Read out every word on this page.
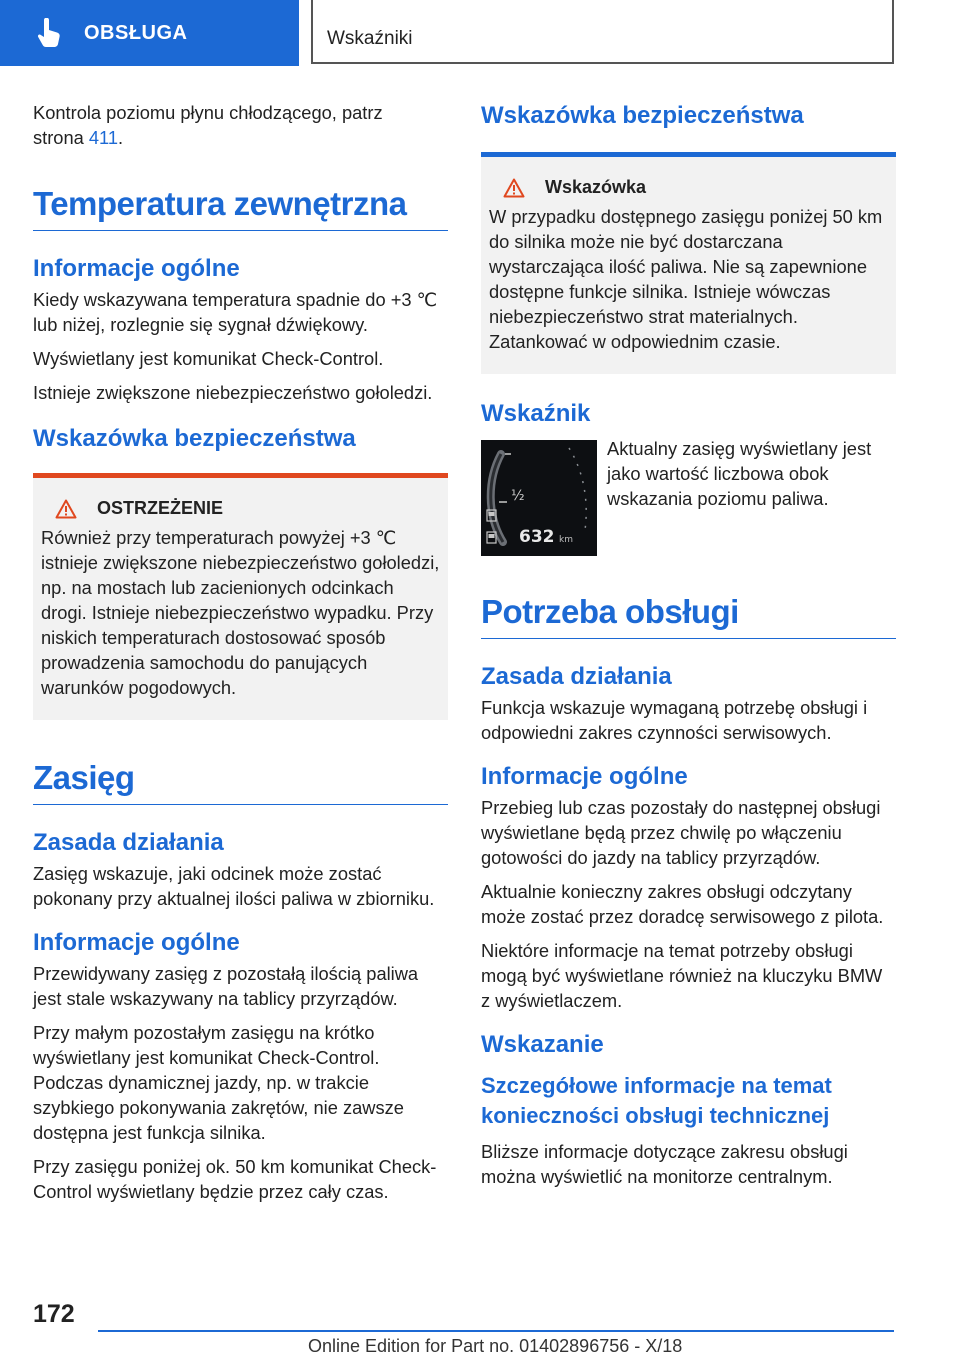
OBSŁUGA	Wskaźniki

Kontrola poziomu płynu chłodzącego, patrz strona 411.

Temperatura zewnętrzna
Informacje ogólne

Kiedy wskazywana temperatura spadnie do +3 ℃ lub niżej, rozlegnie się sygnał dźwiękowy.

Wyświetlany jest komunikat Check-Control.

Istnieje zwiększone niebezpieczeństwo gołoledzi.

Wskazówka bezpieczeństwa
OSTRZEŻENIE

Również przy temperaturach powyżej +3 ℃ istnieje zwiększone niebezpieczeństwo gołoledzi, np. na mostach lub zacienionych odcinkach drogi. Istnieje niebezpieczeństwo wypadku. Przy niskich temperaturach dostosować sposób prowadzenia samochodu do panujących warunków pogodowych.

Zasięg
Zasada działania

Zasięg wskazuje, jaki odcinek może zostać pokonany przy aktualnej ilości paliwa w zbiorniku.

Informacje ogólne

Przewidywany zasięg z pozostałą ilością paliwa jest stale wskazywany na tablicy przyrządów.

Przy małym pozostałym zasięgu na krótko wyświetlany jest komunikat Check-Control. Podczas dynamicznej jazdy, np. w trakcie szybkiego pokonywania zakrętów, nie zawsze dostępna jest funkcja silnika.

Przy zasięgu poniżej ok. 50 km komunikat Check-Control wyświetlany będzie przez cały czas.

Wskazówka bezpieczeństwa
Wskazówka

W przypadku dostępnego zasięgu poniżej 50 km do silnika może nie być dostarczana wystarczająca ilość paliwa. Nie są zapewnione dostępne funkcje silnika. Istnieje wówczas niebezpieczeństwo strat materialnych. Zatankować w odpowiednim czasie.

Wskaźnik
½
632 km

Aktualny zasięg wyświetlany jest jako wartość liczbowa obok wskazania poziomu paliwa.

Potrzeba obsługi
Zasada działania

Funkcja wskazuje wymaganą potrzebę obsługi i odpowiedni zakres czynności serwisowych.

Informacje ogólne

Przebieg lub czas pozostały do następnej obsługi wyświetlane będą przez chwilę po włączeniu gotowości do jazdy na tablicy przyrządów.

Aktualnie konieczny zakres obsługi odczytany może zostać przez doradcę serwisowego z pilota.

Niektóre informacje na temat potrzeby obsługi mogą być wyświetlane również na kluczyku BMW z wyświetlaczem.

Wskazanie
Szczegółowe informacje na temat konieczności obsługi technicznej

Bliższe informacje dotyczące zakresu obsługi można wyświetlić na monitorze centralnym.

172
Online Edition for Part no. 01402896756 - X/18
